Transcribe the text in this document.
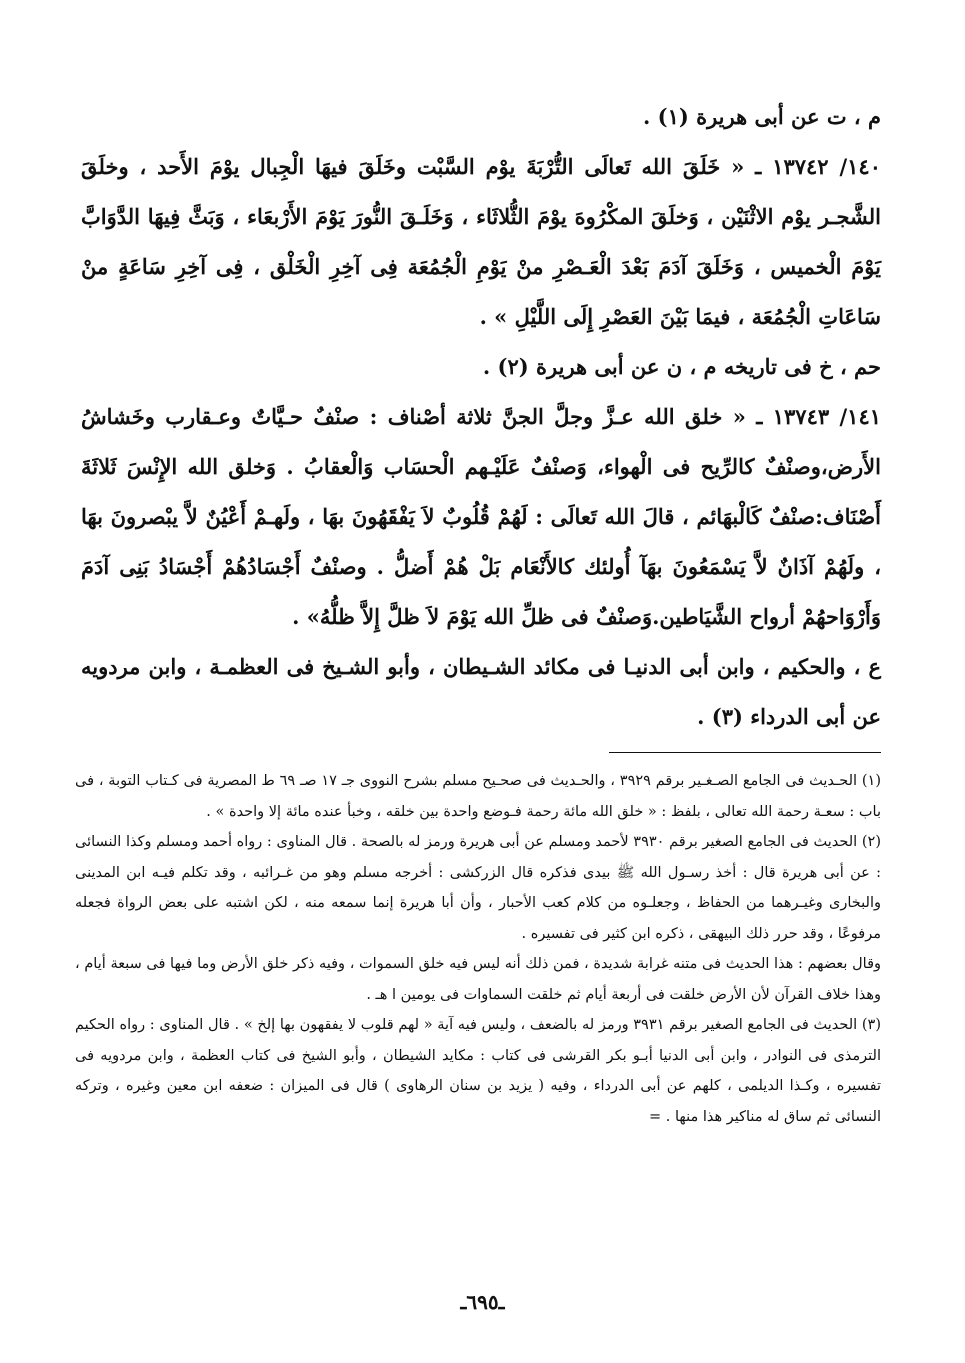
م ، ت عن أبى هريرة (١) .

١٤٠/ ١٣٧٤٢ ـ « خَلَقَ الله تَعالَى التُّرْبَةَ يوْم السَّبْت وخَلَقَ فيهَا الْجِبال يوْمَ الأَحد ، وخلَقَ الشَّجـر يوْم الاثْنَيْن ، وَخلَقَ المكْرُوهَ يوْمَ الثُّلاثَاء ، وَخَلَـقَ النُّورَ يَوْمَ الأَرْبعَاء ، وَبَثَّ فِيهَا الدَّوَابَّ يَوْمَ الْخميس ، وَخَلَقَ آدَمَ بَعْدَ الْعَـصْرِ منْ يَوْمِ الْجُمُعَة فِى آخِرِ الْخَلْق ، فِى آخِرِ سَاعَةٍ منْ سَاعَاتِ الْجُمُعَة ، فيمَا بَيْنَ العَصْرِ إِلَى اللَّيْلِ » .

حم ، خ فى تاريخه م ، ن عن أبى هريرة (٢) .

١٤١/ ١٣٧٤٣ ـ « خلق الله عـزَّ وجلَّ الجنَّ ثلاثة أصْناف : صنْفٌ حـيَّاتٌ وعـقارب وخَشاشُ الأَرض،وصنْفٌ كالرِّيح فى الْهواء، وَصنْفٌ عَلَيْـهم الْحسَاب وَالْعقابُ . وَخلق الله الإِنْسَ ثَلاثَةَ أَصْنَاف:صنْفٌ كَالْبهَائم ، قالَ الله تَعالَى : لَهُمْ قُلُوبٌ لاَ يَفْقَهُونَ بهَا ، ولَهـمْ أَعْيُنٌ لاَّ يبْصرونَ بهَا ، ولَهُمْ آذَانٌ لاَّ يَسْمَعُونَ بهَآ أُولئك كالأَنْعَام بَلْ هُمْ أَضلُّ . وصنْفٌ أَجْسَادُهُمْ أَجْسَادُ بَنِى آدَمَ وَأَرْوَاحهُمْ أرواح الشَّيَاطين.وَصنْفٌ فى ظلِّ الله يَوْمَ لاَ ظلَّ إِلاَّ ظلُّهُ» .

ع ، والحكيم ، وابن أبى الدنيـا فى مكائد الشـيطان ، وأبو الشـيخ فى العظمـة ، وابن مردويه عن أبى الدرداء (٣) .

(١) الحـديث فى الجامع الصـغـير برقم ٣٩٢٩ ، والحـديث فى صحـيح مسلم بشرح النووى جـ ١٧ صـ ٦٩ ط المصرية فى كـتاب التوبة ، فى باب : سعـة رحمة الله تعالى ، بلفظ : « خلق الله مائة رحمة فـوضع واحدة بين خلقه ، وخبأ عنده مائة إلا واحدة » .

(٢) الحديث فى الجامع الصغير برقم ٣٩٣٠ لأحمد ومسلم عن أبى هريرة ورمز له بالصحة . قال المناوى : رواه أحمد ومسلم وكذا النسائى : عن أبى هريرة قال : أخذ رسـول الله ﷺ بيدى فذكره قال الزركشى : أخرجه مسلم وهو من غـرائبه ، وقد تكلم فيـه ابن المدينى والبخارى وغيـرهما من الحفاظ ، وجعلـوه من كلام كعب الأحبار ، وأن أبا هريرة إنما سمعه منه ، لكن اشتبه على بعض الرواة فجعله مرفوعًا ، وقد حرر ذلك البيهقى ، ذكره ابن كثير فى تفسيره .

وقال بعضهم : هذا الحديث فى متنه غرابة شديدة ، فمن ذلك أنه ليس فيه خلق السموات ، وفيه ذكر خلق الأرض وما فيها فى سبعة أيام ، وهذا خلاف القرآن لأن الأرض خلقت فى أربعة أيام ثم خلقت السماوات فى يومين ا هـ .

(٣) الحديث فى الجامع الصغير برقم ٣٩٣١ ورمز له بالضعف ، وليس فيه آية « لهم قلوب لا يفقهون بها إلخ » . قال المناوى : رواه الحكيم الترمذى فى النوادر ، وابن أبى الدنيا أبـو بكر القرشى فى كتاب : مكايد الشيطان ، وأبو الشيخ فى كتاب العظمة ، وابن مردويه فى تفسيره ، وكـذا الديلمى ، كلهم عن أبى الدرداء ، وفيه ( يزيد بن سنان الرهاوى ) قال فى الميزان : ضعفه ابن معين وغيره ، وتركه النسائى ثم ساق له مناكير هذا منها . =

ـ٦٩٥ـ
